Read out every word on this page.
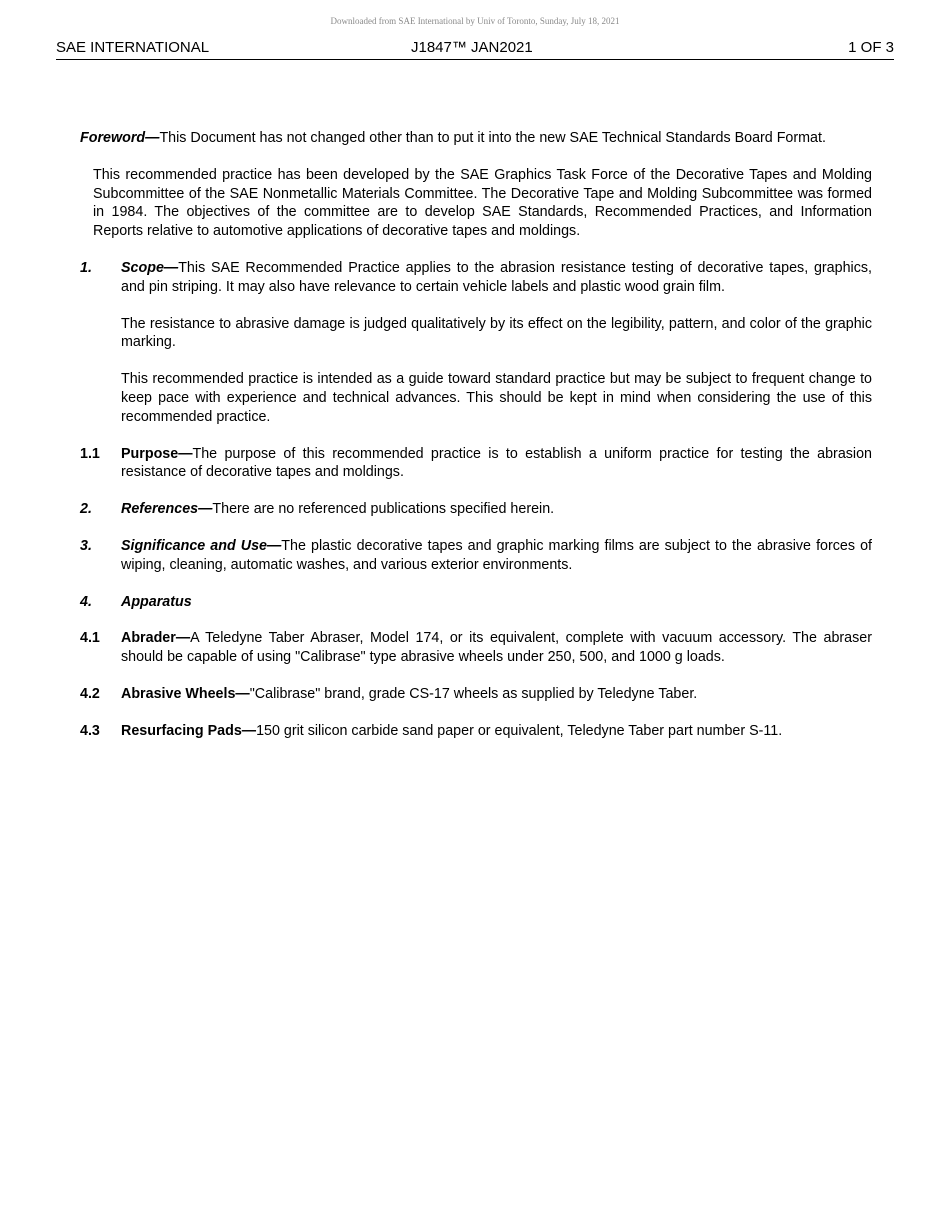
Downloaded from SAE International by Univ of Toronto, Sunday, July 18, 2021
SAE INTERNATIONAL	J1847™ JAN2021	1 OF 3

Foreword—This Document has not changed other than to put it into the new SAE Technical Standards Board Format.

This recommended practice has been developed by the SAE Graphics Task Force of the Decorative Tapes and Molding Subcommittee of the SAE Nonmetallic Materials Committee. The Decorative Tape and Molding Subcommittee was formed in 1984. The objectives of the committee are to develop SAE Standards, Recommended Practices, and Information Reports relative to automotive applications of decorative tapes and moldings.

1. Scope—This SAE Recommended Practice applies to the abrasion resistance testing of decorative tapes, graphics, and pin striping. It may also have relevance to certain vehicle labels and plastic wood grain film.

The resistance to abrasive damage is judged qualitatively by its effect on the legibility, pattern, and color of the graphic marking.

This recommended practice is intended as a guide toward standard practice but may be subject to frequent change to keep pace with experience and technical advances. This should be kept in mind when considering the use of this recommended practice.

1.1 Purpose—The purpose of this recommended practice is to establish a uniform practice for testing the abrasion resistance of decorative tapes and moldings.

2. References—There are no referenced publications specified herein.

3. Significance and Use—The plastic decorative tapes and graphic marking films are subject to the abrasive forces of wiping, cleaning, automatic washes, and various exterior environments.

4. Apparatus

4.1 Abrader—A Teledyne Taber Abraser, Model 174, or its equivalent, complete with vacuum accessory. The abraser should be capable of using "Calibrase" type abrasive wheels under 250, 500, and 1000 g loads.

4.2 Abrasive Wheels—"Calibrase" brand, grade CS-17 wheels as supplied by Teledyne Taber.

4.3 Resurfacing Pads—150 grit silicon carbide sand paper or equivalent, Teledyne Taber part number S-11.
